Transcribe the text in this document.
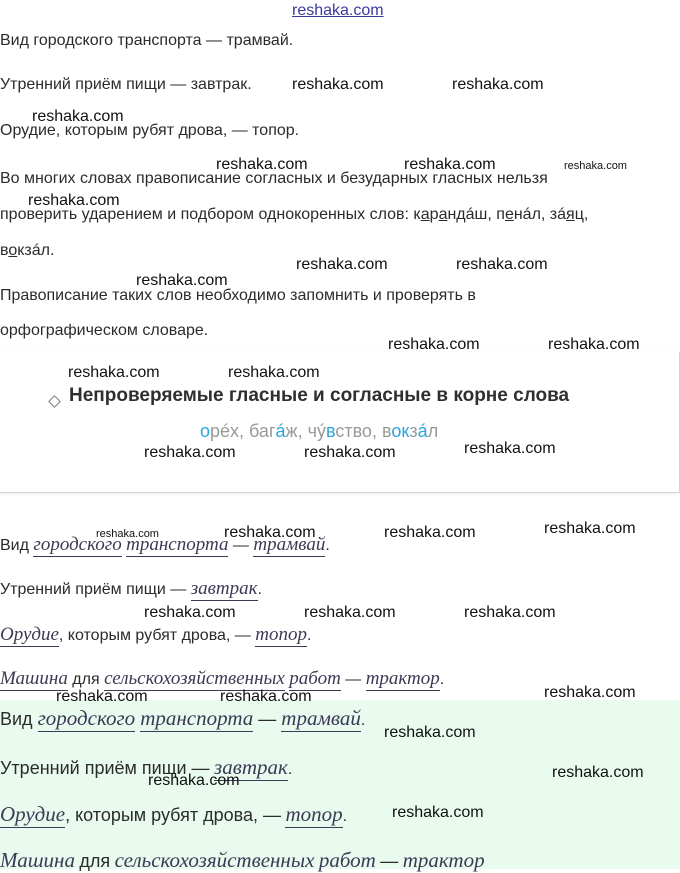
reshaka.com
Вид городского транспорта — трамвай.
Утренний приём пищи — завтрак.
Орудие, которым рубят дрова, — топор.
Во многих словах правописание согласных и безударных гласных нельзя
проверить ударением и подбором однокоренных слов: карандáш, пенáл, зáяц,
вокзáл.
Правописание таких слов необходимо запомнить и проверять в
орфографическом словаре.
Непроверяемые гласные и согласные в корне слова
орéх, багáж, чýвство, вокзáл
Вид городского транспорта — трамвай.
Утренний приём пищи — завтрак.
Орудие, которым рубят дрова, — топор.
Машина для сельскохозяйственных работ — трактор.
Вид городского транспорта — трамвай.
Утренний приём пищи — завтрак.
Орудие, которым рубят дрова, — топор.
Машина для сельскохозяйственных работ — трактор
reshaka.com	reshaka.com
reshaka.com
reshaka.com	reshaka.com	reshaka.com
reshaka.com
reshaka.com
reshaka.com	reshaka.com
reshaka.com	reshaka.com
reshaka.com	reshaka.com
reshaka.com	reshaka.com	reshaka.com
reshaka.com	reshaka.com	reshaka.com	reshaka.com
reshaka.com	reshaka.com	reshaka.com
reshaka.com	reshaka.com	reshaka.com
reshaka.com
reshaka.com	reshaka.com
reshaka.com
